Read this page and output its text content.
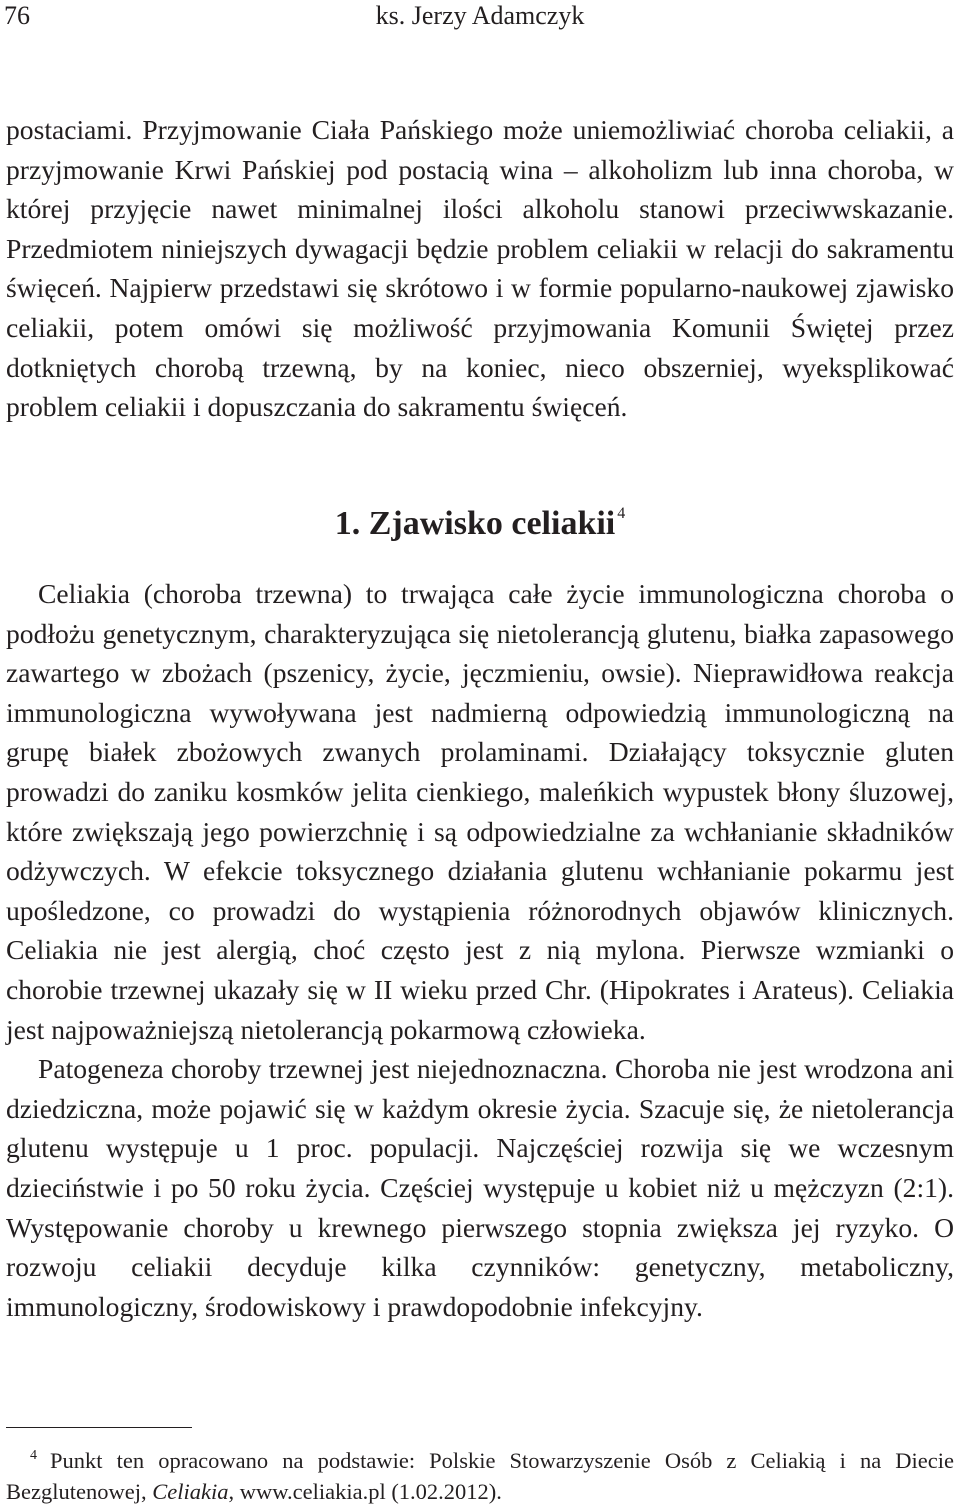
76	ks. Jerzy Adamczyk

postaciami. Przyjmowanie Ciała Pańskiego może uniemożliwiać choroba celiakii, a przyjmowanie Krwi Pańskiej pod postacią wina – alkoholizm lub inna choroba, w której przyjęcie nawet minimalnej ilości alkoholu stanowi przeciwwskazanie. Przedmiotem niniejszych dywagacji będzie problem celiakii w relacji do sakramentu święceń. Najpierw przedstawi się skrótowo i w formie popularno-naukowej zjawisko celiakii, potem omówi się możliwość przyjmowania Komunii Świętej przez dotkniętych chorobą trzewną, by na koniec, nieco obszerniej, wyeksplikować problem celiakii i dopuszczania do sakramentu święceń.

1. Zjawisko celiakii $^4$

Celiakia (choroba trzewna) to trwająca całe życie immunologiczna choroba o podłożu genetycznym, charakteryzująca się nietolerancją glutenu, białka zapasowego zawartego w zbożach (pszenicy, życie, jęczmieniu, owsie). Nieprawidłowa reakcja immunologiczna wywoływana jest nadmierną odpowiedzią immunologiczną na grupę białek zbożowych zwanych prolaminami. Działający toksycznie gluten prowadzi do zaniku kosmków jelita cienkiego, maleńkich wypustek błony śluzowej, które zwiększają jego powierzchnię i są odpowiedzialne za wchłanianie składników odżywczych. W efekcie toksycznego działania glutenu wchłanianie pokarmu jest upośledzone, co prowadzi do wystąpienia różnorodnych objawów klinicznych. Celiakia nie jest alergią, choć często jest z nią mylona. Pierwsze wzmianki o chorobie trzewnej ukazały się w II wieku przed Chr. (Hipokrates i Arateus). Celiakia jest najpoważniejszą nietolerancją pokarmową człowieka.

Patogeneza choroby trzewnej jest niejednoznaczna. Choroba nie jest wrodzona ani dziedziczna, może pojawić się w każdym okresie życia. Szacuje się, że nietolerancja glutenu występuje u 1 proc. populacji. Najczęściej rozwija się we wczesnym dzieciństwie i po 50 roku życia. Częściej występuje u kobiet niż u mężczyzn (2:1). Występowanie choroby u krewnego pierwszego stopnia zwiększa jej ryzyko. O rozwoju celiakii decyduje kilka czynników: genetyczny, metaboliczny, immunologiczny, środowiskowy i prawdopodobnie infekcyjny.

4 Punkt ten opracowano na podstawie: Polskie Stowarzyszenie Osób z Celiakią i na Diecie Bezglutenowej, Celiakia, www.celiakia.pl (1.02.2012).
